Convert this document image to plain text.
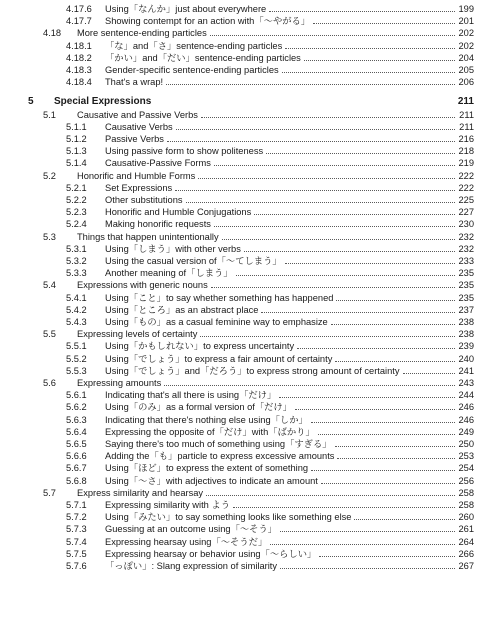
4.17.6	Using「なんか」just about everywhere	199
4.17.7	Showing contempt for an action with「～やがる」	201
4.18	More sentence-ending particles	202
4.18.1	「な」and「さ」sentence-ending particles	202
4.18.2	「かい」and「だい」sentence-ending particles	204
4.18.3	Gender-specific sentence-ending particles	205
4.18.4	That's a wrap!	206
5	Special Expressions	211
5.1	Causative and Passive Verbs	211
5.1.1	Causative Verbs	211
5.1.2	Passive Verbs	216
5.1.3	Using passive form to show politeness	218
5.1.4	Causative-Passive Forms	219
5.2	Honorific and Humble Forms	222
5.2.1	Set Expressions	222
5.2.2	Other substitutions	225
5.2.3	Honorific and Humble Conjugations	227
5.2.4	Making honorific requests	230
5.3	Things that happen unintentionally	232
5.3.1	Using「しまう」with other verbs	232
5.3.2	Using the casual version of「～てしまう」	233
5.3.3	Another meaning of「しまう」	235
5.4	Expressions with generic nouns	235
5.4.1	Using「こと」to say whether something has happened	235
5.4.2	Using「ところ」as an abstract place	237
5.4.3	Using「もの」as a casual feminine way to emphasize	238
5.5	Expressing levels of certainty	238
5.5.1	Using「かもしれない」to express uncertainty	239
5.5.2	Using「でしょう」to express a fair amount of certainty	240
5.5.3	Using「でしょう」and「だろう」to express strong amount of certainty	241
5.6	Expressing amounts	243
5.6.1	Indicating that's all there is using「だけ」	244
5.6.2	Using「のみ」as a formal version of「だけ」	246
5.6.3	Indicating that there's nothing else using「しか」	246
5.6.4	Expressing the opposite of「だけ」with「ばかり」	249
5.6.5	Saying there's too much of something using「すぎる」	250
5.6.6	Adding the「も」particle to express excessive amounts	253
5.6.7	Using「ほど」to express the extent of something	254
5.6.8	Using「～さ」with adjectives to indicate an amount	256
5.7	Express similarity and hearsay	258
5.7.1	Expressing similarity with よう	258
5.7.2	Using「みたい」to say something looks like something else	260
5.7.3	Guessing at an outcome using「～そう」	261
5.7.4	Expressing hearsay using「～そうだ」	264
5.7.5	Expressing hearsay or behavior using「～らしい」	266
5.7.6	「っぽい」: Slang expression of similarity	267
